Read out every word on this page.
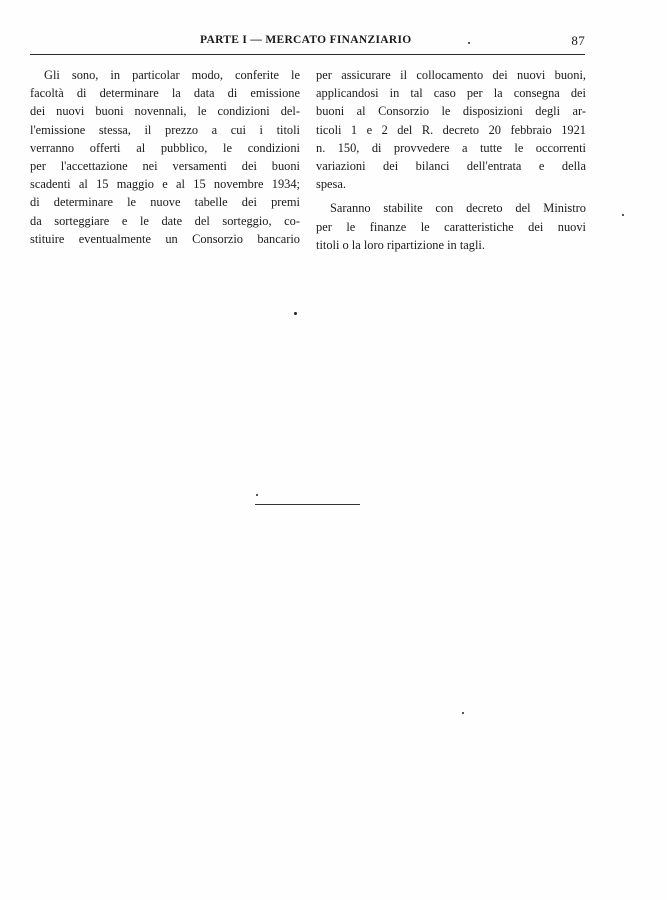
PARTE I — MERCATO FINANZIARIO	87
Gli sono, in particolar modo, conferite le
facoltà di determinare la data di emissione
dei nuovi buoni novennali, le condizioni del-
l'emissione stessa, il prezzo a cui i titoli
verranno offerti al pubblico, le condizioni
per l'accettazione nei versamenti dei buoni
scadenti al 15 maggio e al 15 novembre 1934;
di determinare le nuove tabelle dei premi
da sorteggiare e le date del sorteggio, co-
stituire eventualmente un Consorzio bancario
per assicurare il collocamento dei nuovi buoni,
applicandosi in tal caso per la consegna dei
buoni al Consorzio le disposizioni degli ar-
ticoli 1 e 2 del R. decreto 20 febbraio 1921
n. 150, di provvedere a tutte le occorrenti
variazioni dei bilanci dell'entrata e della
spesa.
Saranno stabilite con decreto del Ministro
per le finanze le caratteristiche dei nuovi
titoli o la loro ripartizione in tagli.
